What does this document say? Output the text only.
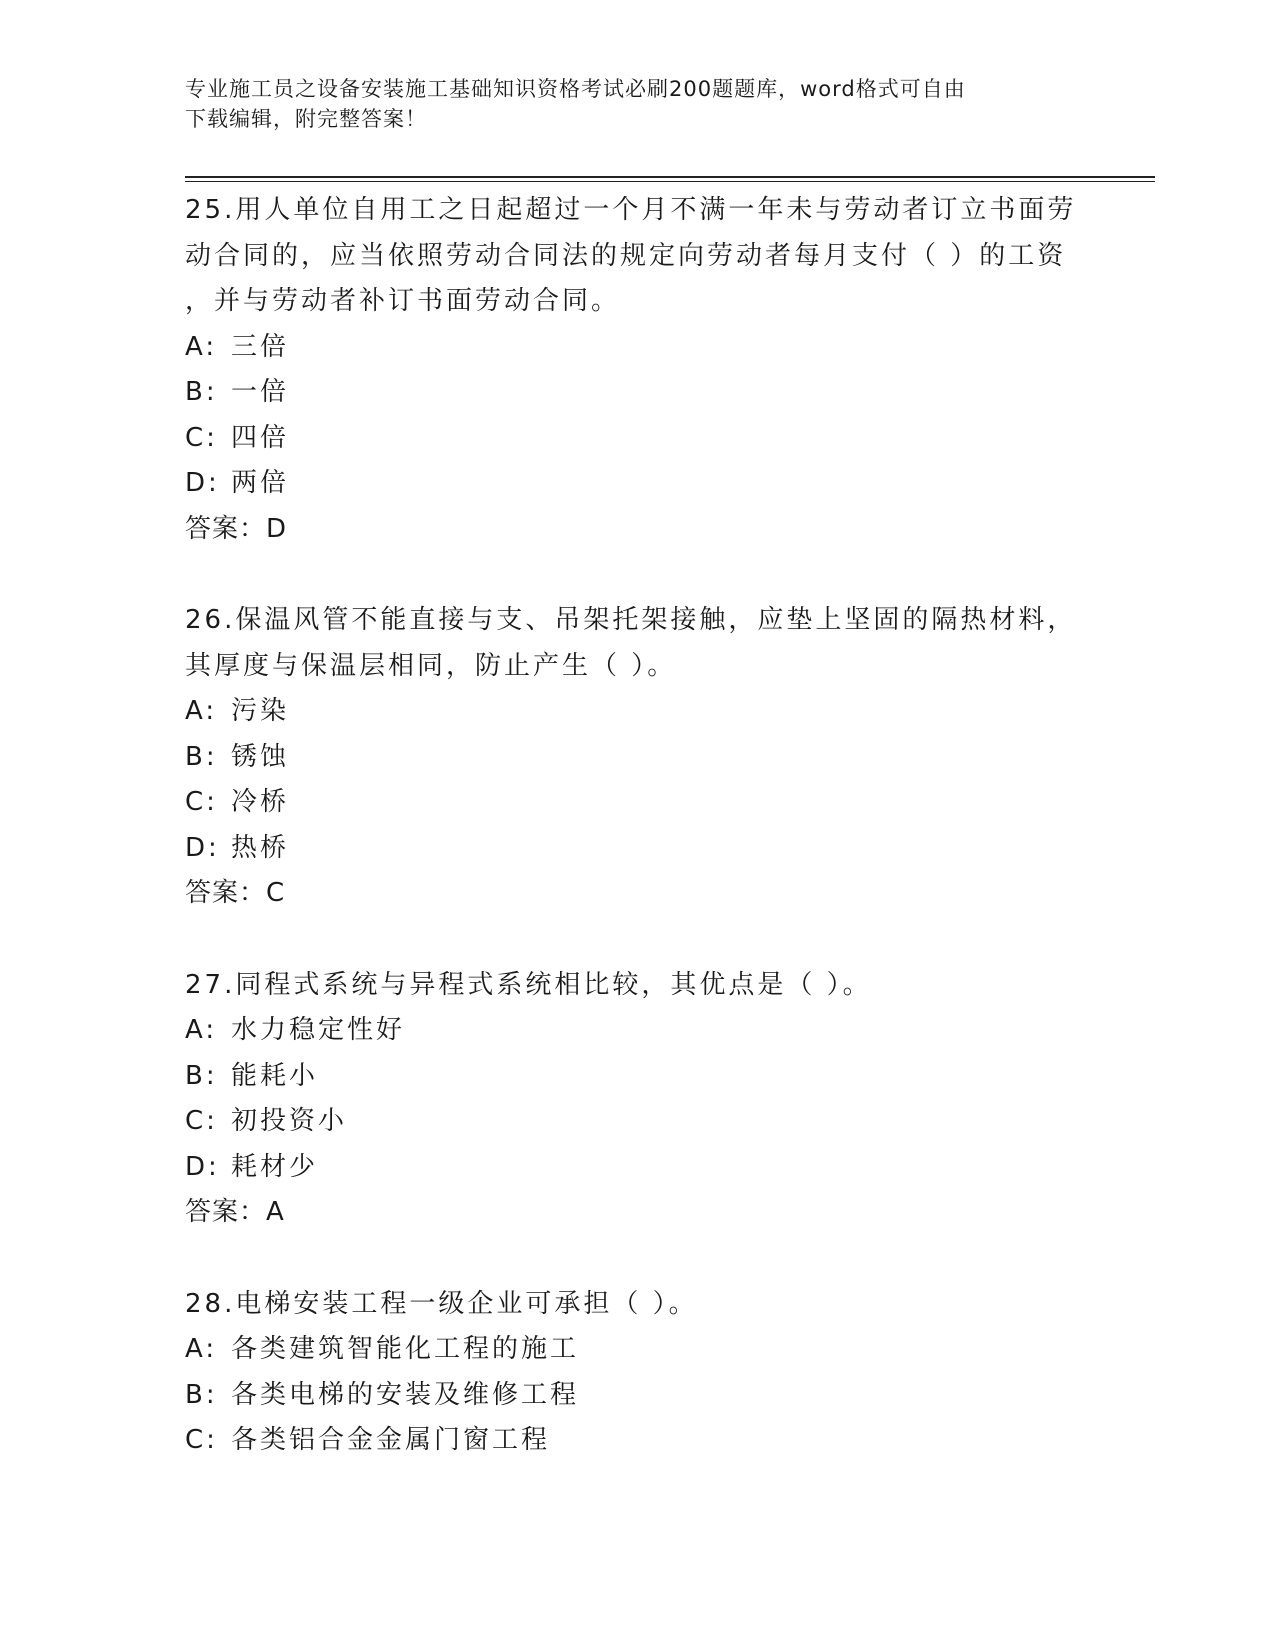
专业施工员之设备安装施工基础知识资格考试必刷200题题库，word格式可自由
下载编辑，附完整答案！
25.用人单位自用工之日起超过一个月不满一年未与劳动者订立书面劳
动合同的，应当依照劳动合同法的规定向劳动者每月支付（ ）的工资
，并与劳动者补订书面劳动合同。
A: 三倍
B: 一倍
C: 四倍
D: 两倍
答案：D
26.保温风管不能直接与支、吊架托架接触，应垫上坚固的隔热材料，
其厚度与保温层相同，防止产生（ ）。
A: 污染
B: 锈蚀
C: 冷桥
D: 热桥
答案：C
27.同程式系统与异程式系统相比较，其优点是（ ）。
A: 水力稳定性好
B: 能耗小
C: 初投资小
D: 耗材少
答案：A
28.电梯安装工程一级企业可承担（ ）。
A: 各类建筑智能化工程的施工
B: 各类电梯的安装及维修工程
C: 各类铝合金金属门窗工程
